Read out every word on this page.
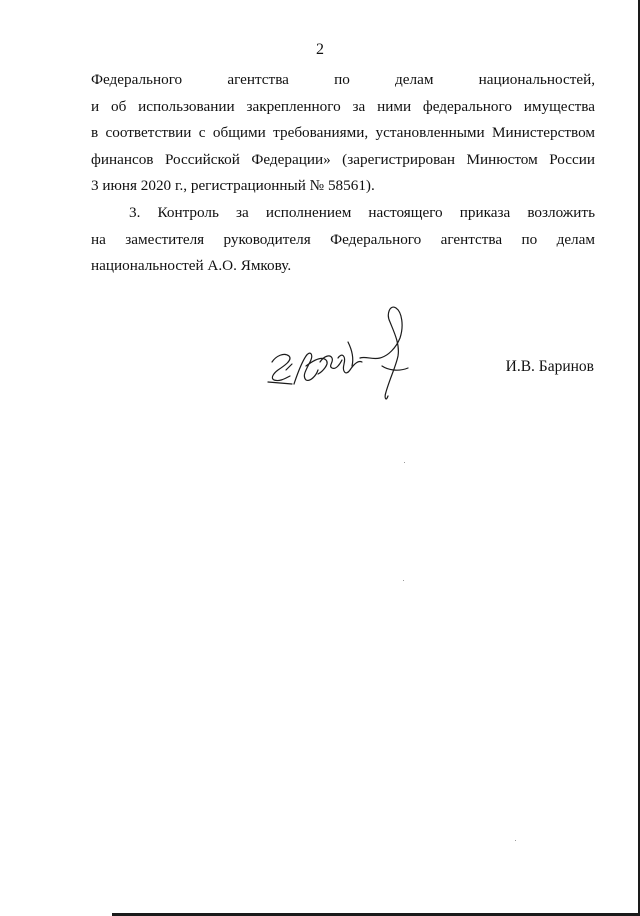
2
Федерального агентства по делам национальностей,
и об использовании закрепленного за ними федерального имущества
в соответствии с общими требованиями, установленными Министерством
финансов Российской Федерации» (зарегистрирован Минюстом России
3 июня 2020 г., регистрационный № 58561).
3. Контроль за исполнением настоящего приказа возложить
на заместителя руководителя Федерального агентства по делам
национальностей А.О. Ямкову.
И.В. Баринов
